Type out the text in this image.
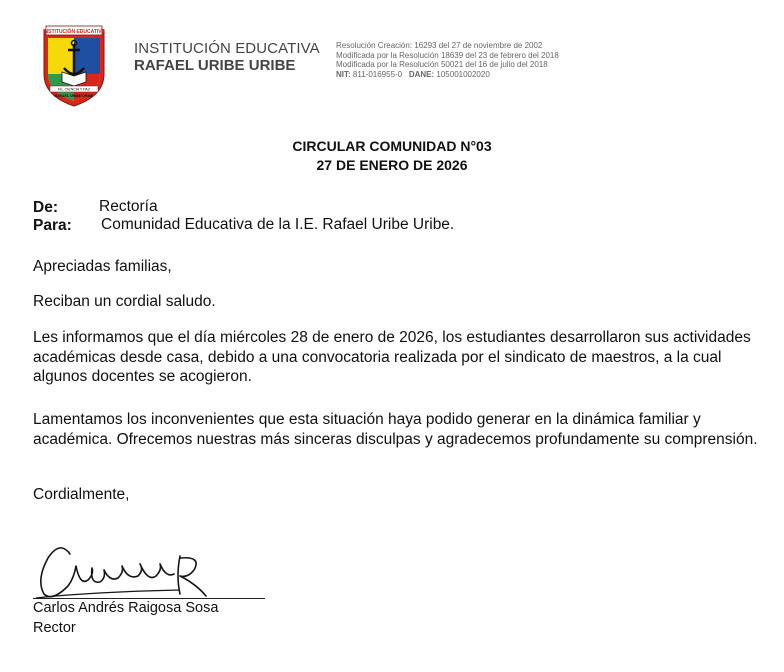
INSTITUCIÓN EDUCATIVA
FE, CIENCIA Y PAZ
RAFAEL URIBE URIBE
INSTITUCIÓN EDUCATIVA
RAFAEL URIBE URIBE
Resolución Creación: 16293 del 27 de noviembre de 2002
Modificada por la Resolución 18639 del 23 de febrero del 2018
Modificada por la Resolución 50021 del 16 de julio del 2018
NIT: 811-016955-0 DANE: 105001002020
CIRCULAR COMUNIDAD N°03
27 DE ENERO DE 2026
De:	Rectoría
Para: Comunidad Educativa de la I.E. Rafael Uribe Uribe.
Apreciadas familias,
Reciban un cordial saludo.
Les informamos que el día miércoles 28 de enero de 2026, los estudiantes desarrollaron sus actividades académicas desde casa, debido a una convocatoria realizada por el sindicato de maestros, a la cual algunos docentes se acogieron.
Lamentamos los inconvenientes que esta situación haya podido generar en la dinámica familiar y académica. Ofrecemos nuestras más sinceras disculpas y agradecemos profundamente su comprensión.
Cordialmente,
Carlos Andrés Raigosa Sosa
Rector
